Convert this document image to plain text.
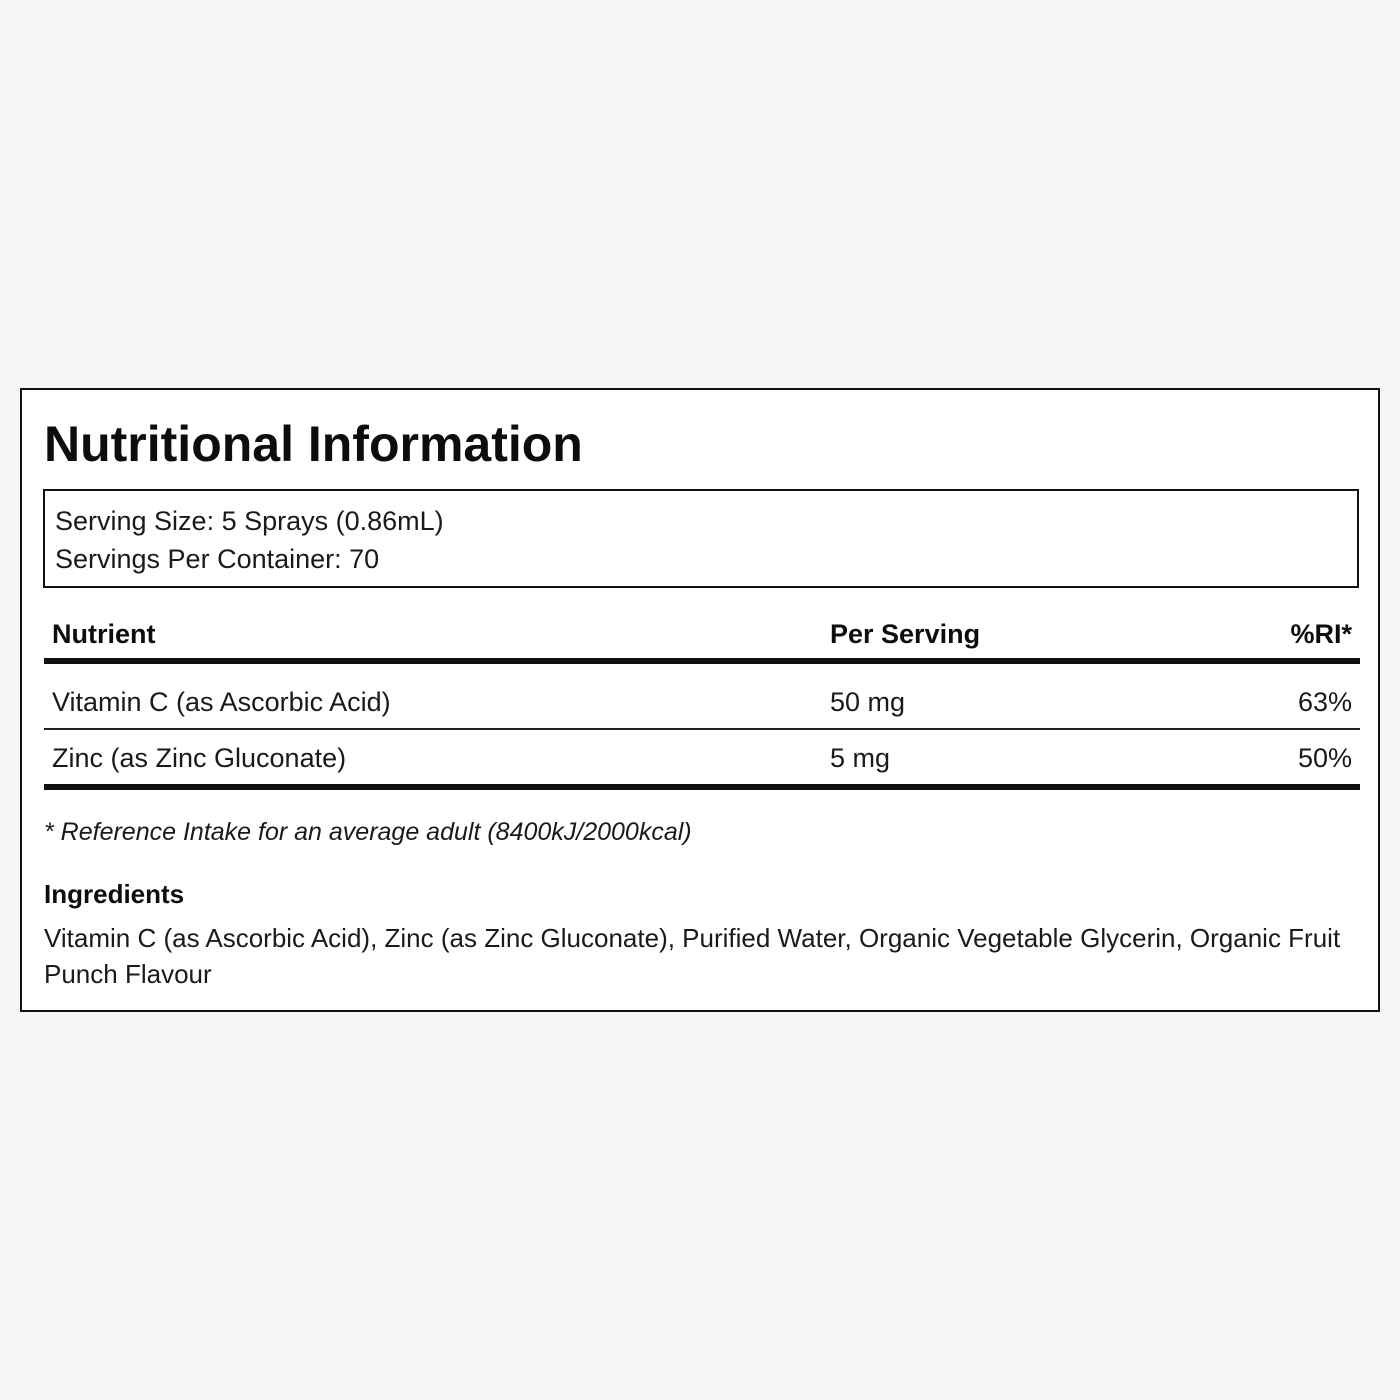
Nutritional Information
Serving Size: 5 Sprays (0.86mL)
Servings Per Container: 70
Nutrient	Per Serving	%RI*
Vitamin C (as Ascorbic Acid)	50 mg	63%
Zinc (as Zinc Gluconate)	5 mg	50%
* Reference Intake for an average adult (8400kJ/2000kcal)
Ingredients
Vitamin C (as Ascorbic Acid), Zinc (as Zinc Gluconate), Purified Water, Organic Vegetable Glycerin, Organic Fruit Punch Flavour
